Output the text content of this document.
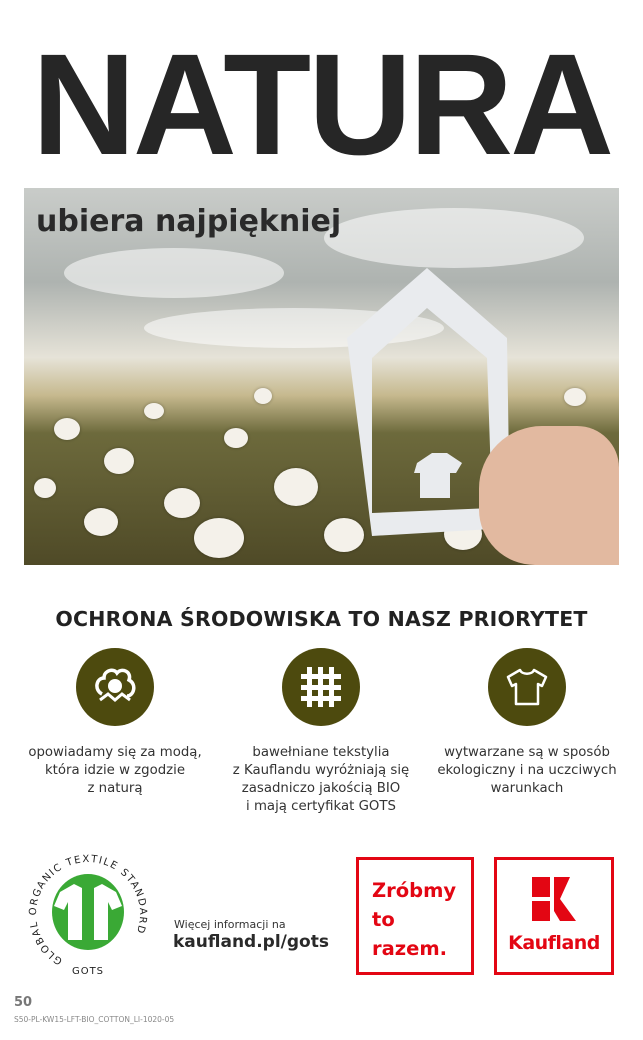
NATURA
ubiera najpiękniej
OCHRONA ŚRODOWISKA TO NASZ PRIORYTET
opowiadamy się za modą,
która idzie w zgodzie
z naturą
bawełniane tekstylia
z Kauflandu wyróżniają się
zasadniczo jakością BIO
i mają certyfikat GOTS
wytwarzane są w sposób
ekologiczny i na uczciwych
warunkach
GLOBAL ORGANIC TEXTILE STANDARD
GOTS
Więcej informacji na
kaufland.pl/gots
Zróbmy
to
razem.	Kaufland
50
S50-PL-KW15-LFT-BIO_COTTON_LI-1020-05
